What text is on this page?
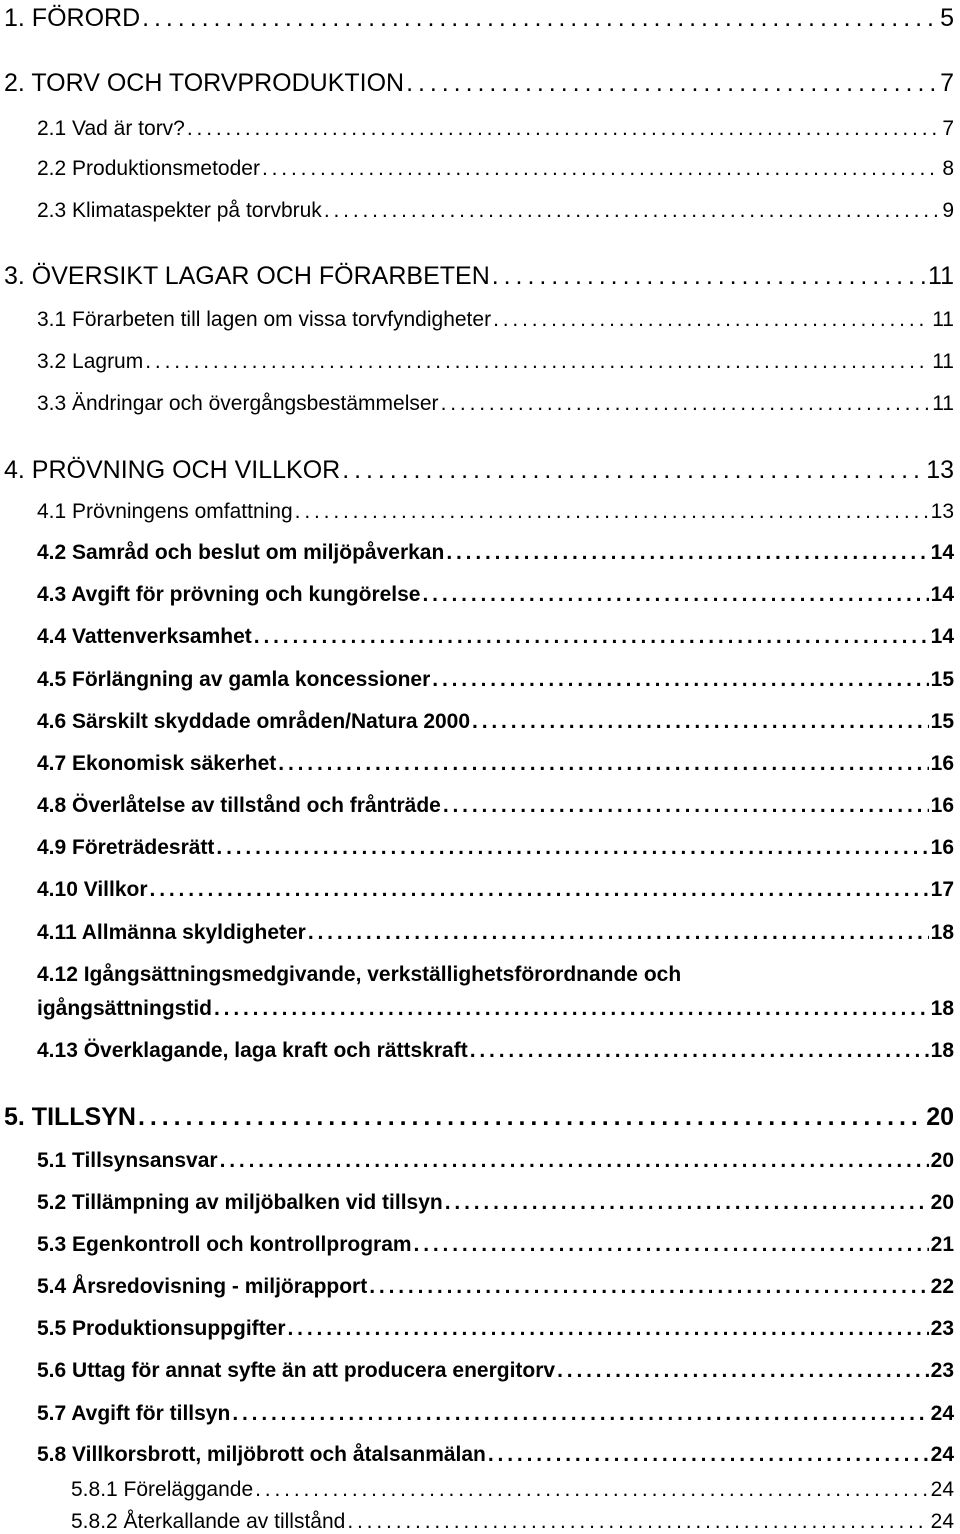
1. FÖRORD . . .	5
2. TORV OCH TORVPRODUKTION . . .	7
2.1 Vad är torv? . . .	7
2.2 Produktionsmetoder . . .	8
2.3 Klimataspekter på torvbruk . . .	9
3. ÖVERSIKT LAGAR OCH FÖRARBETEN . . .	11
3.1 Förarbeten till lagen om vissa torvfyndigheter . . .	11
3.2 Lagrum . . .	11
3.3 Ändringar och övergångsbestämmelser . . .	11
4. PRÖVNING OCH VILLKOR . . .	13
4.1 Prövningens omfattning . . .	13
4.2 Samråd och beslut om miljöpåverkan . . .	14
4.3 Avgift för prövning och kungörelse . . .	14
4.4 Vattenverksamhet . . .	14
4.5 Förlängning av gamla koncessioner . . .	15
4.6 Särskilt skyddade områden/Natura 2000 . . .	15
4.7 Ekonomisk säkerhet . . .	16
4.8 Överlåtelse av tillstånd och frånträde . . .	16
4.9 Företrädesrätt . . .	16
4.10 Villkor . . .	17
4.11 Allmänna skyldigheter . . .	18
4.12 Igångsättningsmedgivande, verkställighetsförordnande och
igångsättningstid . . .	18
4.13 Överklagande, laga kraft och rättskraft . . .	18
5. TILLSYN . . .	20
5.1 Tillsynsansvar . . .	20
5.2 Tillämpning av miljöbalken vid tillsyn . . .	20
5.3 Egenkontroll och kontrollprogram . . .	21
5.4 Årsredovisning - miljörapport . . .	22
5.5 Produktionsuppgifter . . .	23
5.6 Uttag för annat syfte än att producera energitorv . . .	23
5.7 Avgift för tillsyn . . .	24
5.8 Villkorsbrott, miljöbrott och åtalsanmälan . . .	24
5.8.1 Föreläggande . . .	24
5.8.2 Återkallande av tillstånd . . .	24
